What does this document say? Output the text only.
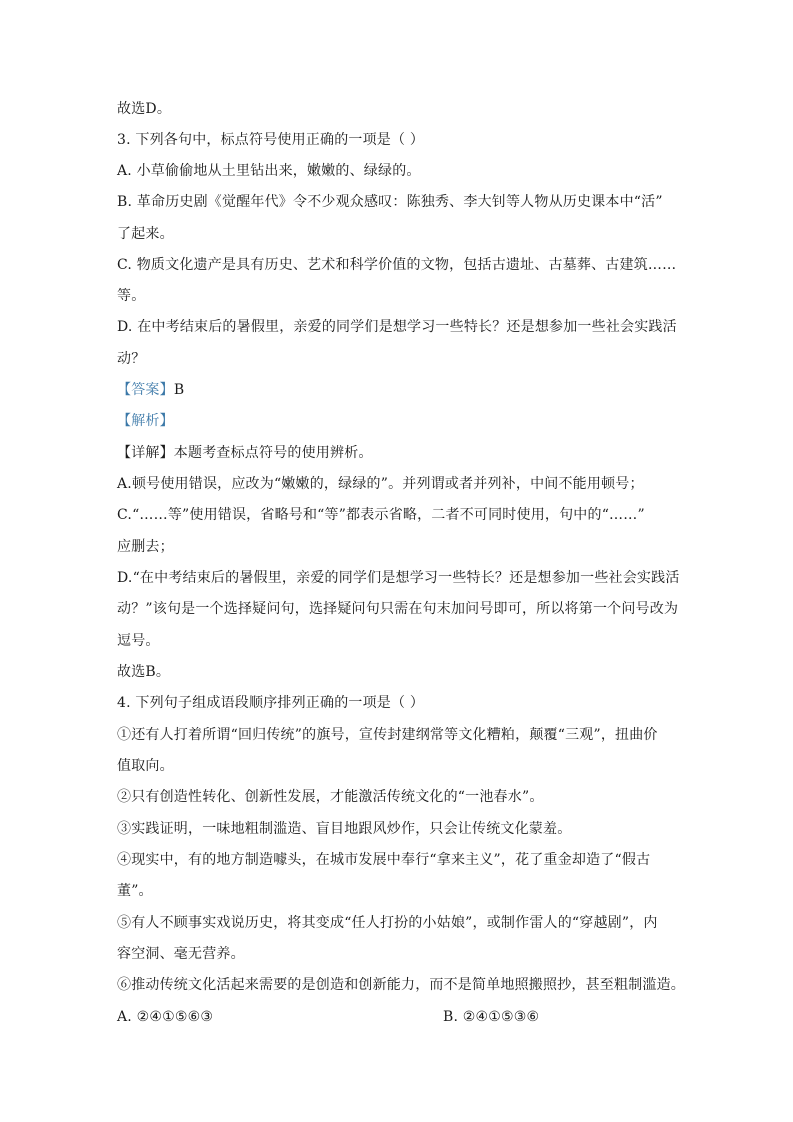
故选D。
3. 下列各句中，标点符号使用正确的一项是（ ）
A. 小草偷偷地从土里钻出来，嫩嫩的、绿绿的。
B. 革命历史剧《觉醒年代》令不少观众感叹：陈独秀、李大钊等人物从历史课本中“活”
了起来。
C. 物质文化遗产是具有历史、艺术和科学价值的文物，包括古遗址、古墓葬、古建筑……
等。
D. 在中考结束后的暑假里，亲爱的同学们是想学习一些特长？还是想参加一些社会实践活
动？
【答案】B
【解析】
【详解】本题考查标点符号的使用辨析。
A.顿号使用错误，应改为“嫩嫩的，绿绿的”。并列谓或者并列补，中间不能用顿号；
C.“……等”使用错误，省略号和“等”都表示省略，二者不可同时使用，句中的“……”
应删去；
D.“在中考结束后的暑假里，亲爱的同学们是想学习一些特长？还是想参加一些社会实践活
动？”该句是一个选择疑问句，选择疑问句只需在句末加问号即可，所以将第一个问号改为
逗号。
故选B。
4. 下列句子组成语段顺序排列正确的一项是（ ）
①还有人打着所谓“回归传统”的旗号，宣传封建纲常等文化糟粕，颠覆“三观”，扭曲价
值取向。
②只有创造性转化、创新性发展，才能激活传统文化的“一池春水”。
③实践证明，一味地粗制滥造、盲目地跟风炒作，只会让传统文化蒙羞。
④现实中，有的地方制造噱头，在城市发展中奉行“拿来主义”，花了重金却造了“假古
董”。
⑤有人不顾事实戏说历史，将其变成“任人打扮的小姑娘”，或制作雷人的“穿越剧”，内
容空洞、毫无营养。
⑥推动传统文化活起来需要的是创造和创新能力，而不是简单地照搬照抄，甚至粗制滥造。
A. ②④①⑤⑥③	B. ②④①⑤③⑥
